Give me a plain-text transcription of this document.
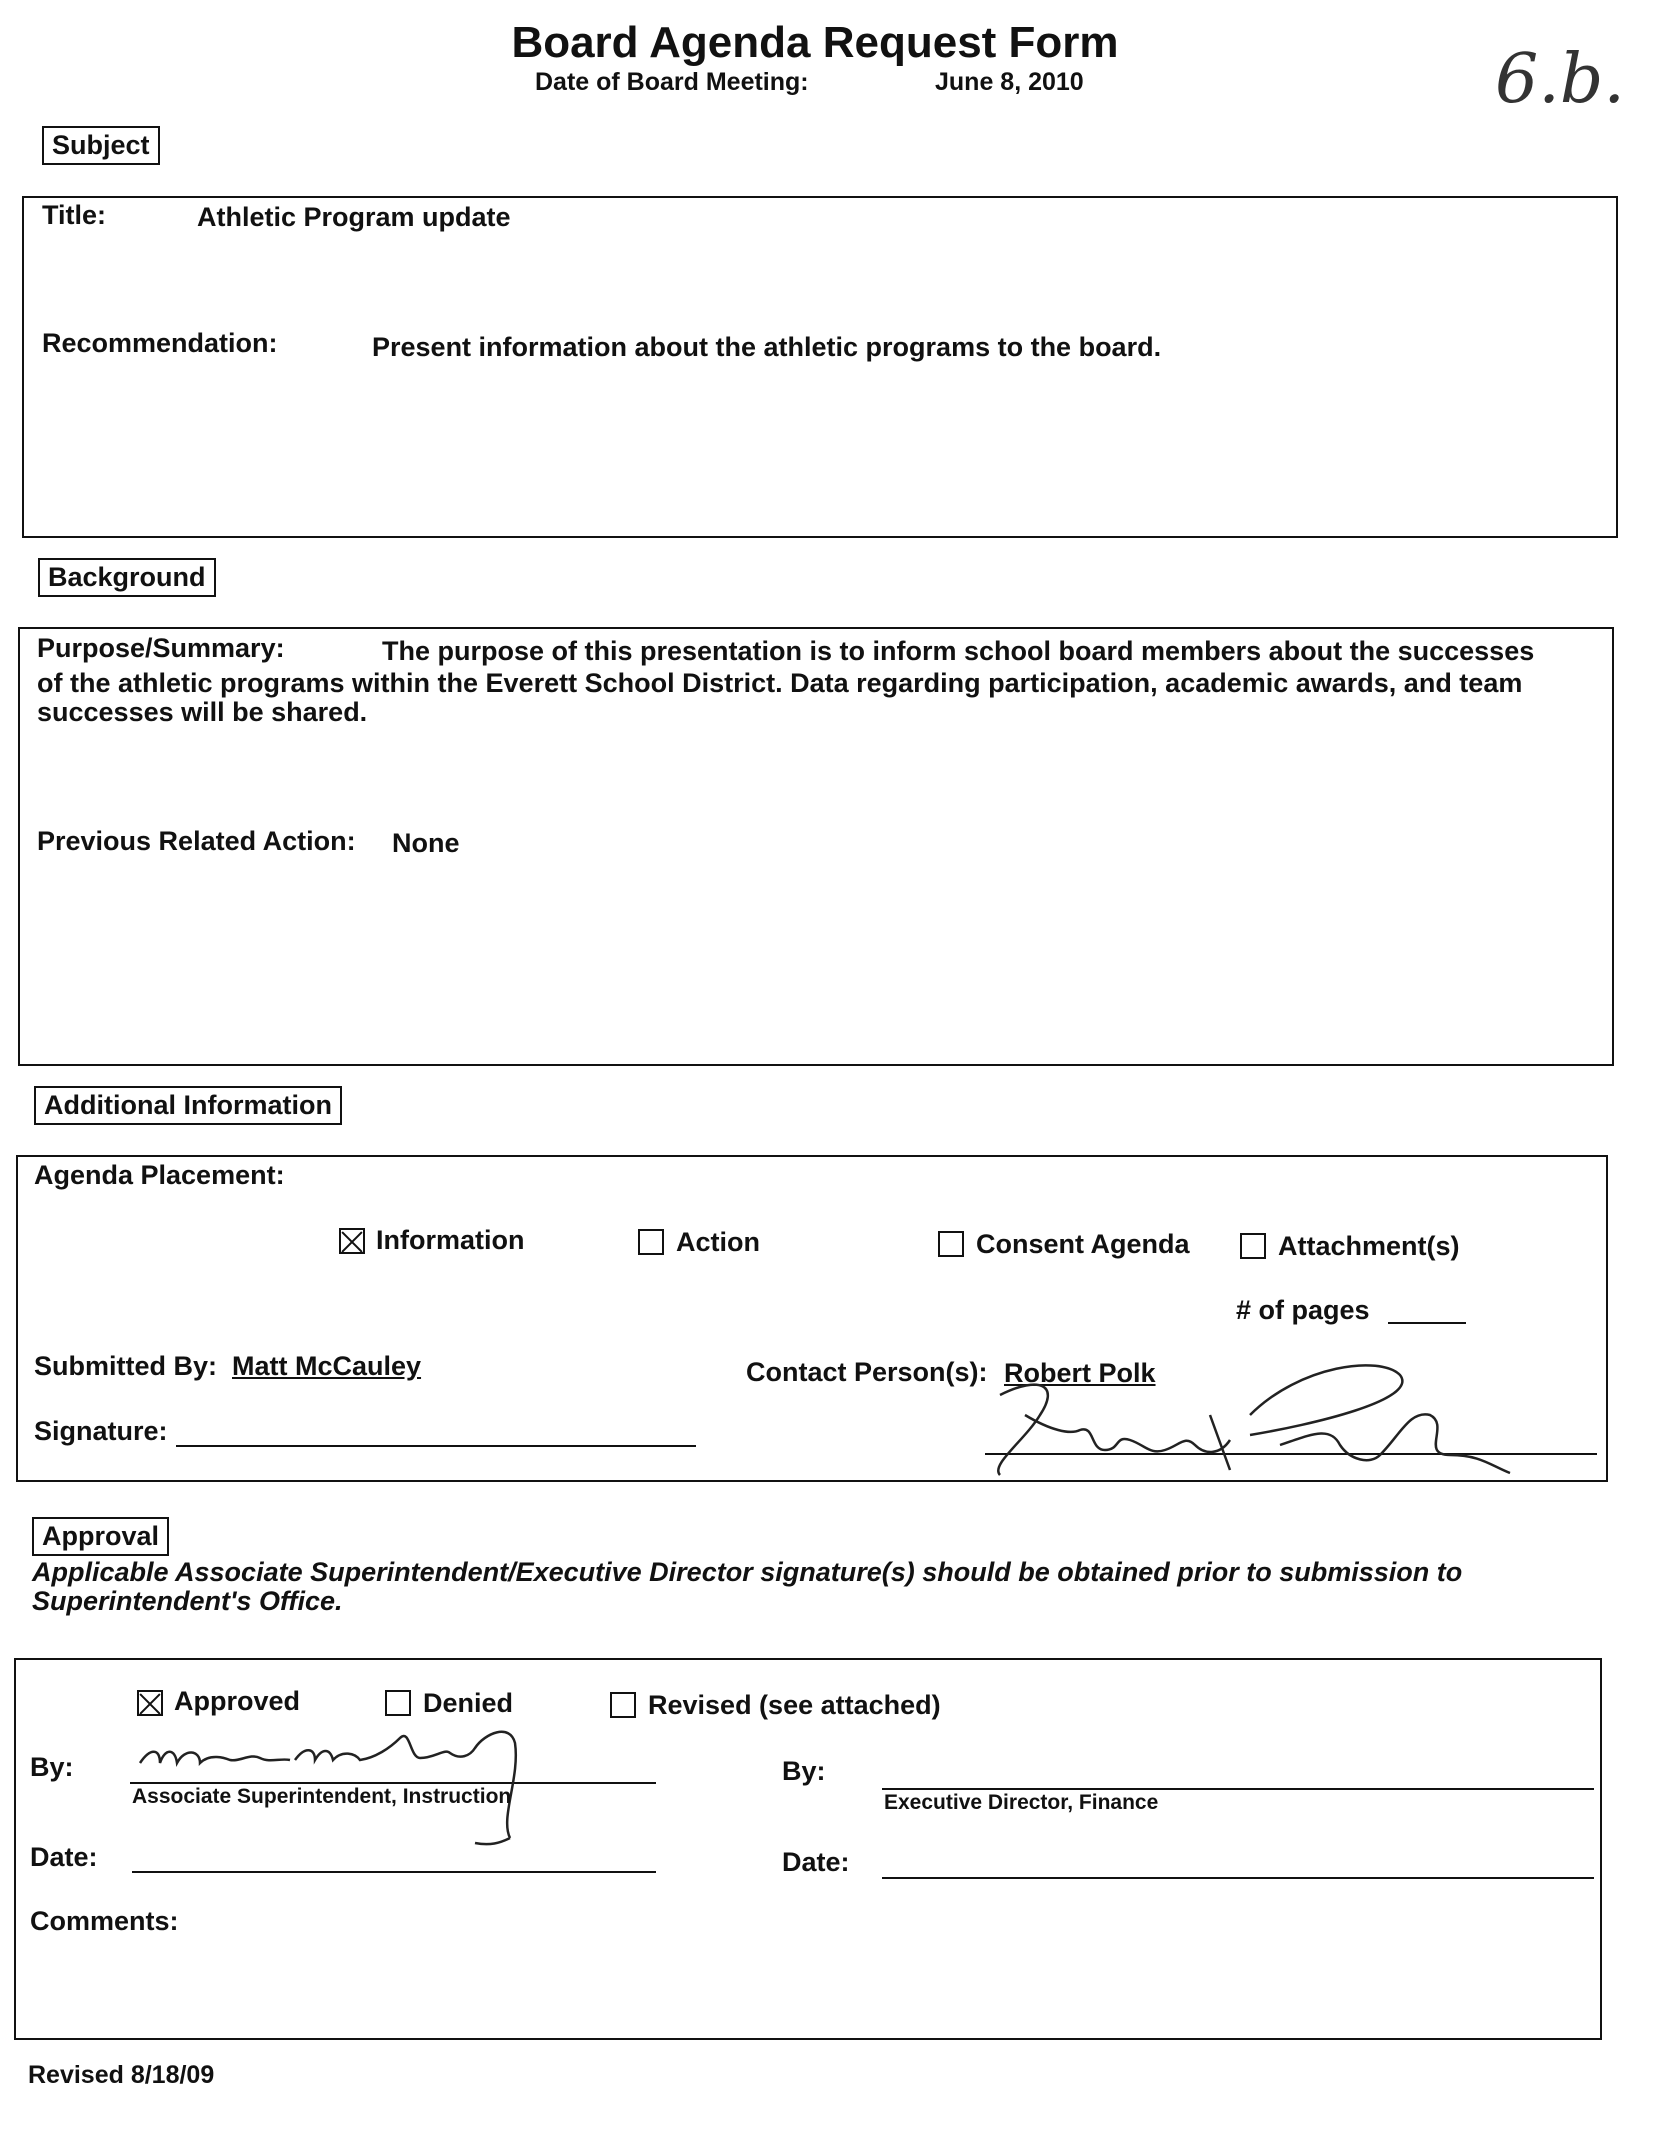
Board Agenda Request Form
Date of Board Meeting:	June 8, 2010	6.b.
Subject
Title:	Athletic Program update
Recommendation:	Present information about the athletic programs to the board.
Background
Purpose/Summary:	The purpose of this presentation is to inform school board members about the successes
of the athletic programs within the Everett School District. Data regarding participation, academic awards, and team
successes will be shared.
Previous Related Action: None
Additional Information
Agenda Placement:
Information	Action	Consent Agenda	Attachment(s)
# of pages
Submitted By: Matt McCauley	Contact Person(s): Robert Polk
Signature:
Approval
Applicable Associate Superintendent/Executive Director signature(s) should be obtained prior to submission to
Superintendent's Office.
Approved	Denied	Revised (see attached)
By:
Associate Superintendent, Instruction
By:
Executive Director, Finance
Date:	Date:
Comments:
Revised 8/18/09
